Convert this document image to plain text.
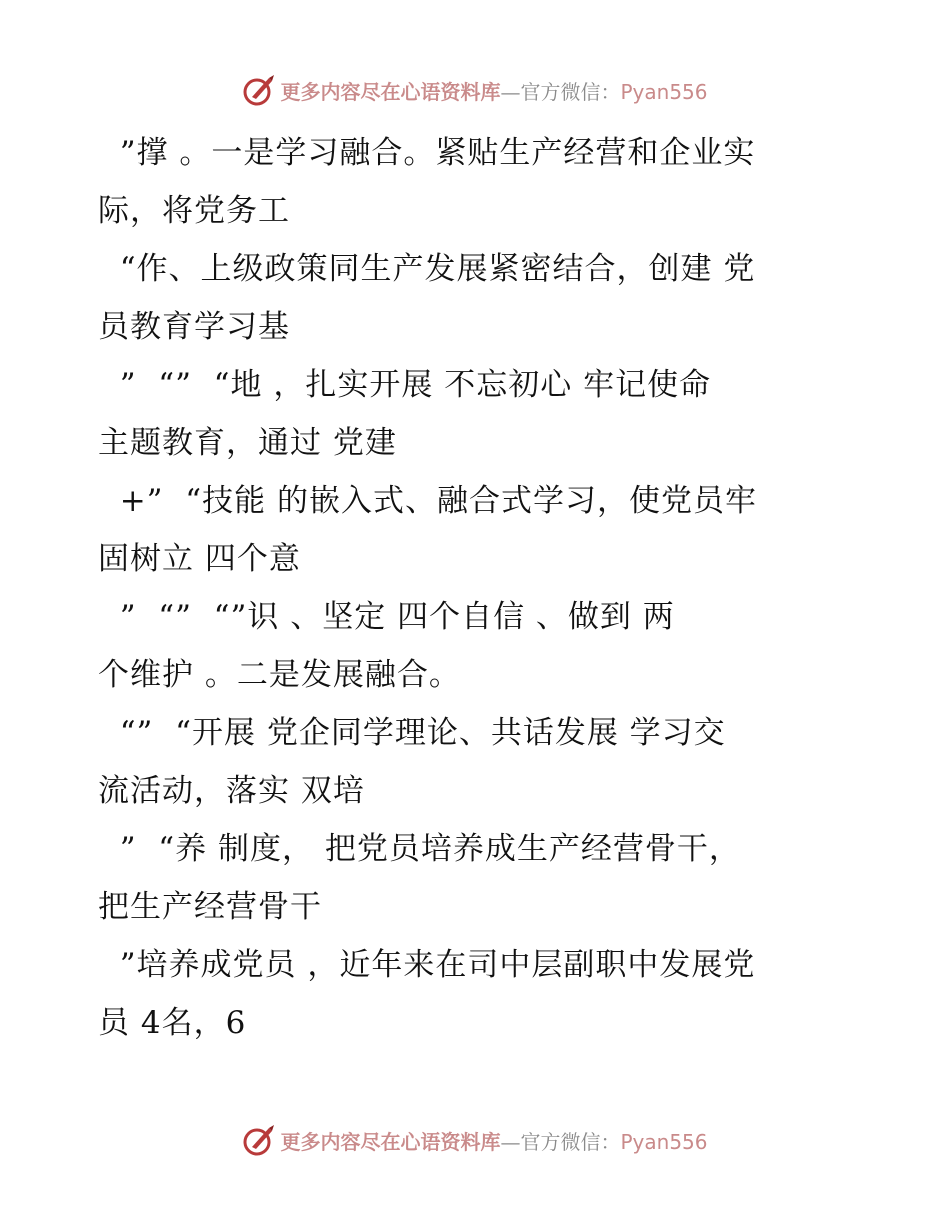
更多内容尽在心语资料库—官方微信：Pyan556
”撑 。一是学习融合。紧贴生产经营和企业实
际，将党务工
“作、上级政策同生产发展紧密结合，创建 党
员教育学习基
”  “”  “地 ，扎实开展 不忘初心 牢记使命
主题教育，通过 党建
+”  “技能 的嵌入式、融合式学习，使党员牢
固树立 四个意
”  “”  “”识 、坚定 四个自信 、做到 两
个维护 。二是发展融合。
“”  “开展 党企同学理论、共话发展 学习交
流活动，落实 双培
”  “养 制度， 把党员培养成生产经营骨干，
把生产经营骨干
”培养成党员 ，近年来在司中层副职中发展党
员 4名，6
更多内容尽在心语资料库—官方微信：Pyan556
